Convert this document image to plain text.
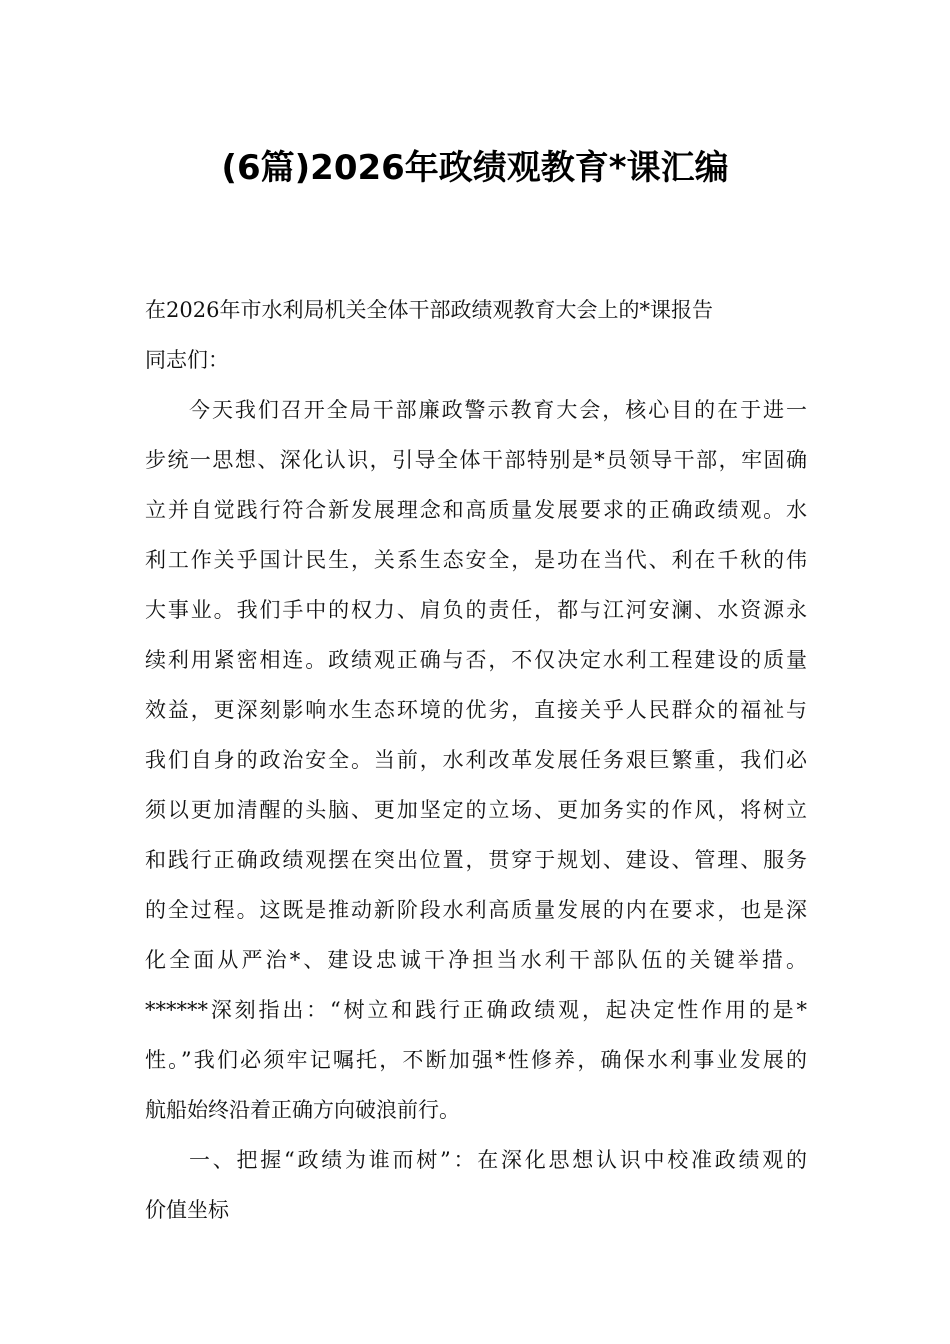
(6篇)2026年政绩观教育*课汇编
在2026年市水利局机关全体干部政绩观教育大会上的*课报告
同志们：
今天我们召开全局干部廉政警示教育大会，核心目的在于进一
步统一思想、深化认识，引导全体干部特别是*员领导干部，牢固确
立并自觉践行符合新发展理念和高质量发展要求的正确政绩观。水
利工作关乎国计民生，关系生态安全，是功在当代、利在千秋的伟
大事业。我们手中的权力、肩负的责任，都与江河安澜、水资源永
续利用紧密相连。政绩观正确与否，不仅决定水利工程建设的质量
效益，更深刻影响水生态环境的优劣，直接关乎人民群众的福祉与
我们自身的政治安全。当前，水利改革发展任务艰巨繁重，我们必
须以更加清醒的头脑、更加坚定的立场、更加务实的作风，将树立
和践行正确政绩观摆在突出位置，贯穿于规划、建设、管理、服务
的全过程。这既是推动新阶段水利高质量发展的内在要求，也是深
化全面从严治*、建设忠诚干净担当水利干部队伍的关键举措。
******深刻指出：“树立和践行正确政绩观，起决定性作用的是*
性。”我们必须牢记嘱托，不断加强*性修养，确保水利事业发展的
航船始终沿着正确方向破浪前行。
一、把握“政绩为谁而树”：在深化思想认识中校准政绩观的
价值坐标
